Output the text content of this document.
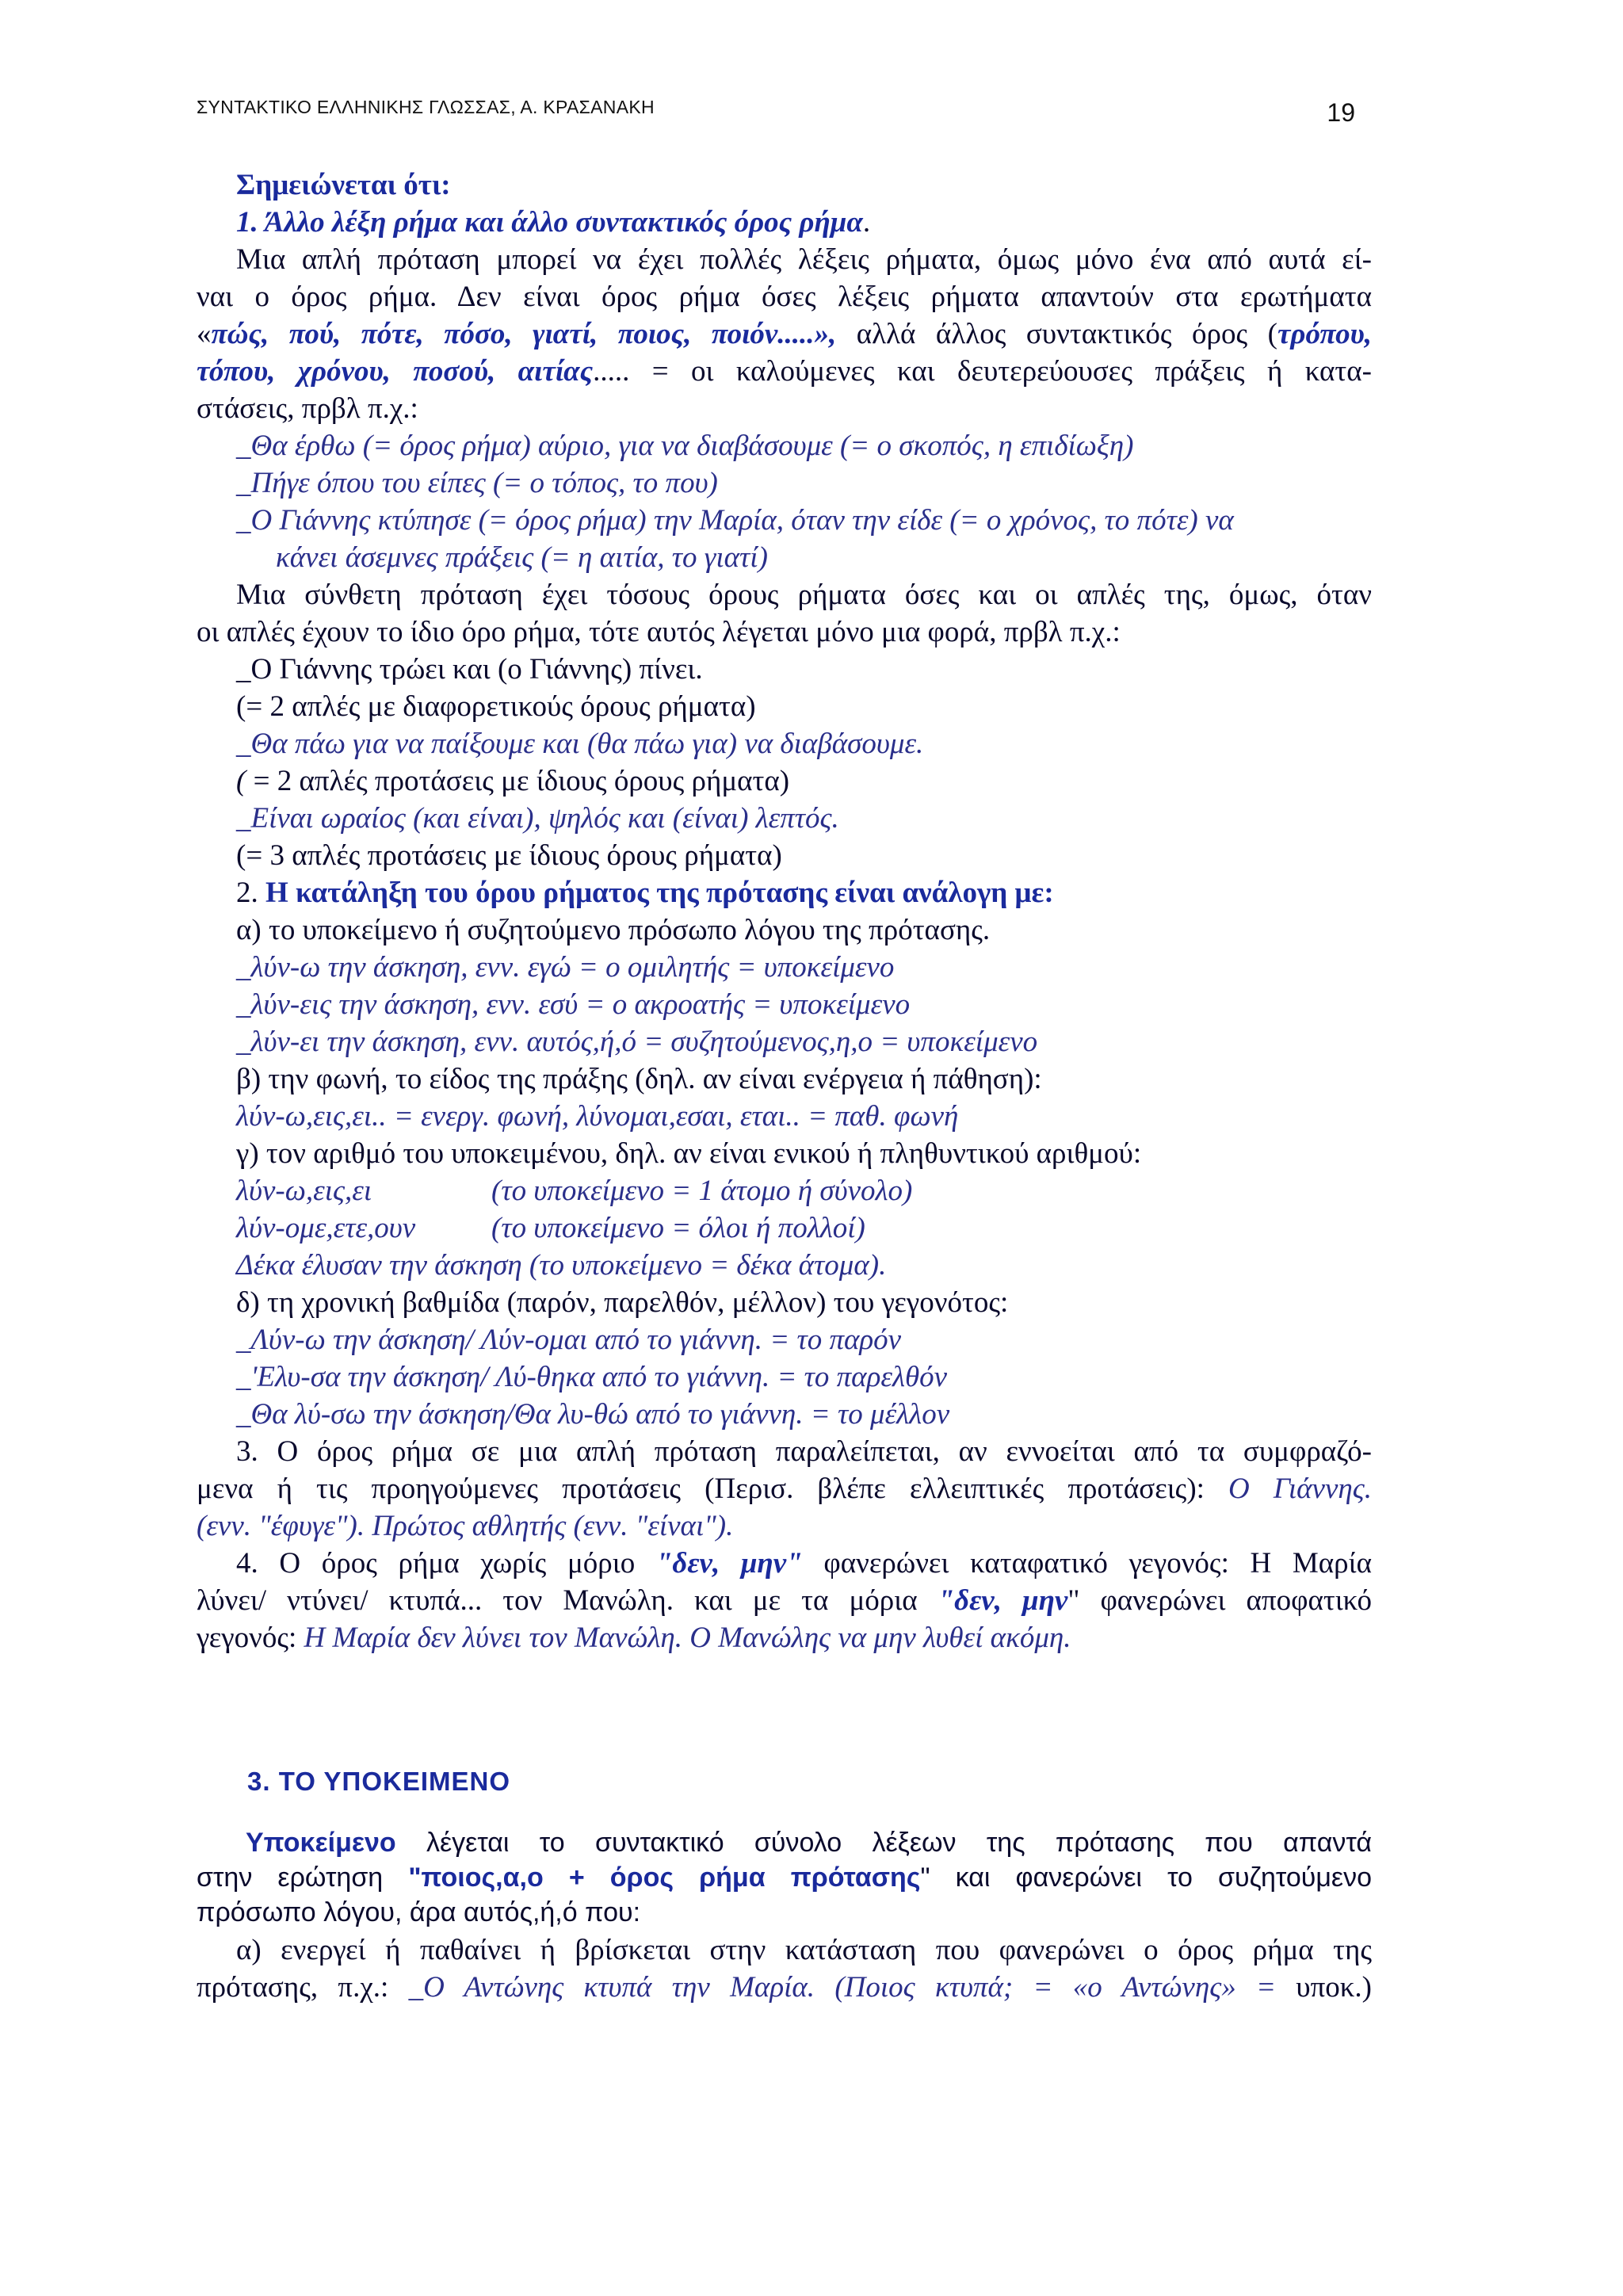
ΣΥΝΤΑΚΤΙΚΟ ΕΛΛΗΝΙΚΗΣ ΓΛΩΣΣΑΣ, Α. ΚΡΑΣΑΝΑΚΗ	19
Σημειώνεται ότι:
1. Άλλο λέξη ρήμα και άλλο συντακτικός όρος ρήμα.
Μια απλή πρόταση μπορεί να έχει πολλές λέξεις ρήματα, όμως μόνο ένα από αυτά εί-
ναι ο όρος ρήμα. Δεν είναι όρος ρήμα όσες λέξεις ρήματα απαντούν στα ερωτήματα
«πώς, πού, πότε, πόσο, γιατί, ποιος, ποιόν.....», αλλά άλλος συντακτικός όρος (τρόπου,
τόπου, χρόνου, ποσού, αιτίας..... = οι καλούμενες και δευτερεύουσες πράξεις ή κατα-
στάσεις, πρβλ π.χ.:
_Θα έρθω (= όρος ρήμα) αύριο, για να διαβάσουμε (= ο σκοπός, η επιδίωξη)
_Πήγε όπου του είπες (= ο τόπος, το που)
_Ο Γιάννης κτύπησε (= όρος ρήμα) την Μαρία, όταν την είδε (= ο χρόνος, το πότε) να
κάνει άσεμνες πράξεις (= η αιτία, το γιατί)
Μια σύνθετη πρόταση έχει τόσους όρους ρήματα όσες και οι απλές της, όμως, όταν
οι απλές έχουν το ίδιο όρο ρήμα, τότε αυτός λέγεται μόνο μια φορά, πρβλ π.χ.:
_Ο Γιάννης τρώει και (ο Γιάννης) πίνει.
(= 2 απλές με διαφορετικούς όρους ρήματα)
_Θα πάω για να παίξουμε και (θα πάω για) να διαβάσουμε.
( = 2 απλές προτάσεις με ίδιους όρους ρήματα)
_Είναι ωραίος (και είναι), ψηλός και (είναι) λεπτός.
(= 3 απλές προτάσεις με ίδιους όρους ρήματα)
2. Η κατάληξη του όρου ρήματος της πρότασης είναι ανάλογη με:
α) το υποκείμενο ή συζητούμενο πρόσωπο λόγου της πρότασης.
_λύν-ω την άσκηση, ενν. εγώ = ο ομιλητής = υποκείμενο
_λύν-εις την άσκηση, ενν. εσύ = ο ακροατής = υποκείμενο
_λύν-ει την άσκηση, ενν. αυτός,ή,ό = συζητούμενος,η,ο = υποκείμενο
β) την φωνή, το είδος της πράξης (δηλ. αν είναι ενέργεια ή πάθηση):
λύν-ω,εις,ει.. = ενεργ. φωνή, λύνομαι,εσαι, εται.. = παθ. φωνή
γ) τον αριθμό του υποκειμένου, δηλ. αν είναι ενικού ή πληθυντικού αριθμού:
λύν-ω,εις,ει	(το υποκείμενο = 1 άτομο ή σύνολο)
λύν-ομε,ετε,ουν	(το υποκείμενο = όλοι ή πολλοί)
Δέκα έλυσαν την άσκηση (το υποκείμενο = δέκα άτομα).
δ) τη χρονική βαθμίδα (παρόν, παρελθόν, μέλλον) του γεγονότος:
_Λύν-ω την άσκηση/ Λύν-ομαι από το γιάννη. = το παρόν
_'Ελυ-σα την άσκηση/ Λύ-θηκα από το γιάννη. = το παρελθόν
_Θα λύ-σω την άσκηση/Θα λυ-θώ από το γιάννη. = το μέλλον
3. Ο όρος ρήμα σε μια απλή πρόταση παραλείπεται, αν εννοείται από τα συμφραζό-
μενα ή τις προηγούμενες προτάσεις (Περισ. βλέπε ελλειπτικές προτάσεις): Ο Γιάννης.
(ενν. "έφυγε"). Πρώτος αθλητής (ενν. "είναι").
4. Ο όρος ρήμα χωρίς μόριο "δεν, μην" φανερώνει καταφατικό γεγονός: Η Μαρία
λύνει/ ντύνει/ κτυπά... τον Μανώλη. και με τα μόρια "δεν, μην" φανερώνει αποφατικό
γεγονός: Η Μαρία δεν λύνει τον Μανώλη. Ο Μανώλης να μην λυθεί ακόμη.
3. ΤΟ ΥΠΟΚΕΙΜΕΝΟ
Υποκείμενο λέγεται το συντακτικό σύνολο λέξεων της πρότασης που απαντά
στην ερώτηση "ποιος,α,ο + όρος ρήμα πρότασης" και φανερώνει το συζητούμενο
πρόσωπο λόγου, άρα αυτός,ή,ό που:
α) ενεργεί ή παθαίνει ή βρίσκεται στην κατάσταση που φανερώνει ο όρος ρήμα της
πρότασης, π.χ.: _Ο Αντώνης κτυπά την Μαρία. (Ποιος κτυπά; = «ο Αντώνης» = υποκ.)
